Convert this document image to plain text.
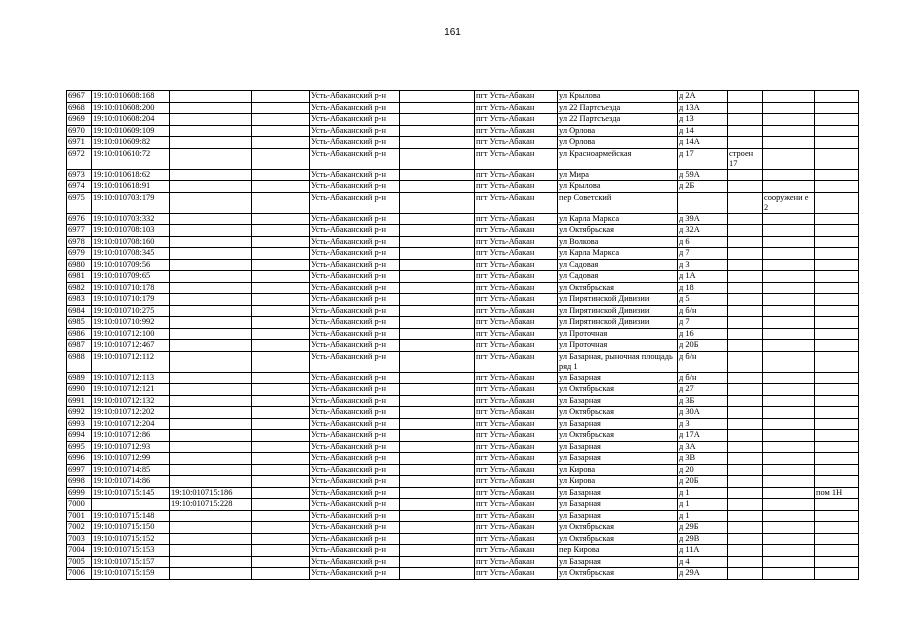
161
6967	19:10:010608:168			Усть-Абаканский р-н		пгт Усть-Абакан	ул Крылова	д 2А			
6968	19:10:010608:200			Усть-Абаканский р-н		пгт Усть-Абакан	ул 22 Партсъезда	д 13А			
6969	19:10:010608:204			Усть-Абаканский р-н		пгт Усть-Абакан	ул 22 Партсъезда	д 13			
6970	19:10:010609:109			Усть-Абаканский р-н		пгт Усть-Абакан	ул Орлова	д 14			
6971	19:10:010609:82			Усть-Абаканский р-н		пгт Усть-Абакан	ул Орлова	д 14А			
6972	19:10:010610:72			Усть-Абаканский р-н		пгт Усть-Абакан	ул Красноармейская	д 17	строен 17		
6973	19:10:010618:62			Усть-Абаканский р-н		пгт Усть-Абакан	ул Мира	д 59А			
6974	19:10:010618:91			Усть-Абаканский р-н		пгт Усть-Абакан	ул Крылова	д 2Б			
6975	19:10:010703:179			Усть-Абаканский р-н		пгт Усть-Абакан	пер Советский			сооружени е 2	
6976	19:10:010703:332			Усть-Абаканский р-н		пгт Усть-Абакан	ул Карла Маркса	д 39А			
6977	19:10:010708:103			Усть-Абаканский р-н		пгт Усть-Абакан	ул Октябрьская	д 32А			
6978	19:10:010708:160			Усть-Абаканский р-н		пгт Усть-Абакан	ул Волкова	д 6			
6979	19:10:010708:345			Усть-Абаканский р-н		пгт Усть-Абакан	ул Карла Маркса	д 7			
6980	19:10:010709:56			Усть-Абаканский р-н		пгт Усть-Абакан	ул Садовая	д 3			
6981	19:10:010709:65			Усть-Абаканский р-н		пгт Усть-Абакан	ул Садовая	д 1А			
6982	19:10:010710:178			Усть-Абаканский р-н		пгт Усть-Абакан	ул Октябрьская	д 18			
6983	19:10:010710:179			Усть-Абаканский р-н		пгт Усть-Абакан	ул Пирятинской Дивизии	д 5			
6984	19:10:010710:275			Усть-Абаканский р-н		пгт Усть-Абакан	ул Пирятинской Дивизии	д б/н			
6985	19:10:010710:992			Усть-Абаканский р-н		пгт Усть-Абакан	ул Пирятинской Дивизии	д 7			
6986	19:10:010712:100			Усть-Абаканский р-н		пгт Усть-Абакан	ул Проточная	д 16			
6987	19:10:010712:467			Усть-Абаканский р-н		пгт Усть-Абакан	ул Проточная	д 20Б			
6988	19:10:010712:112			Усть-Абаканский р-н		пгт Усть-Абакан	ул Базарная, рыночная площадь ряд 1	д б/н			
6989	19:10:010712:113			Усть-Абаканский р-н		пгт Усть-Абакан	ул Базарная	д б/н			
6990	19:10:010712:121			Усть-Абаканский р-н		пгт Усть-Абакан	ул Октябрьская	д 27			
6991	19:10:010712:132			Усть-Абаканский р-н		пгт Усть-Абакан	ул Базарная	д 3Б			
6992	19:10:010712:202			Усть-Абаканский р-н		пгт Усть-Абакан	ул Октябрьская	д 30А			
6993	19:10:010712:204			Усть-Абаканский р-н		пгт Усть-Абакан	ул Базарная	д 3			
6994	19:10:010712:86			Усть-Абаканский р-н		пгт Усть-Абакан	ул Октябрьская	д 17А			
6995	19:10:010712:93			Усть-Абаканский р-н		пгт Усть-Абакан	ул Базарная	д 3А			
6996	19:10:010712:99			Усть-Абаканский р-н		пгт Усть-Абакан	ул Базарная	д 3В			
6997	19:10:010714:85			Усть-Абаканский р-н		пгт Усть-Абакан	ул Кирова	д 20			
6998	19:10:010714:86			Усть-Абаканский р-н		пгт Усть-Абакан	ул Кирова	д 20Б			
6999	19:10:010715:145	19:10:010715:186		Усть-Абаканский р-н		пгт Усть-Абакан	ул Базарная	д 1			пом 1Н
7000		19:10:010715:228		Усть-Абаканский р-н		пгт Усть-Абакан	ул Базарная	д 1			
7001	19:10:010715:148			Усть-Абаканский р-н		пгт Усть-Абакан	ул Базарная	д 1			
7002	19:10:010715:150			Усть-Абаканский р-н		пгт Усть-Абакан	ул Октябрьская	д 29Б			
7003	19:10:010715:152			Усть-Абаканский р-н		пгт Усть-Абакан	ул Октябрьская	д 29В			
7004	19:10:010715:153			Усть-Абаканский р-н		пгт Усть-Абакан	пер Кирова	д 11А			
7005	19:10:010715:157			Усть-Абаканский р-н		пгт Усть-Абакан	ул Базарная	д 4			
7006	19:10:010715:159			Усть-Абаканский р-н		пгт Усть-Абакан	ул Октябрьская	д 29А			
